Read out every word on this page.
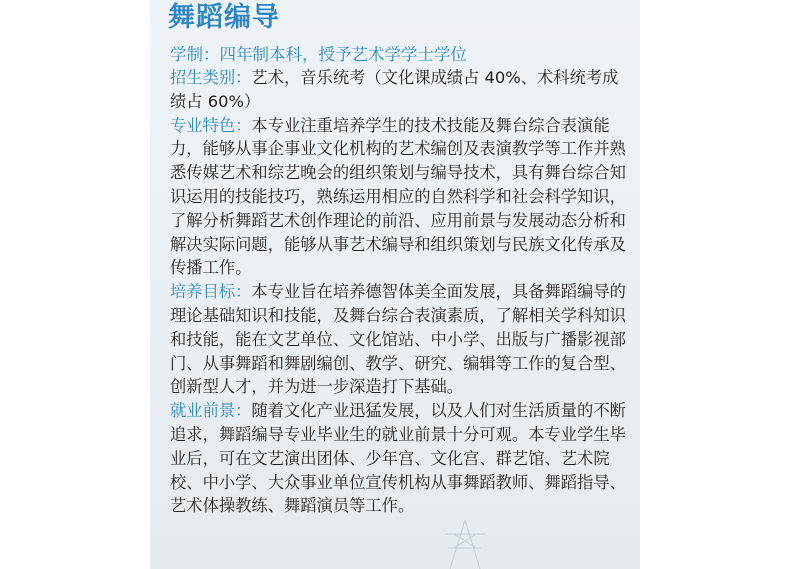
舞蹈编导
学制：四年制本科，授予艺术学学士学位

招生类别：艺术，音乐统考（文化课成绩占 40%、术科统考成绩占 60%）

专业特色：本专业注重培养学生的技术技能及舞台综合表演能力，能够从事企事业文化机构的艺术编创及表演教学等工作并熟悉传媒艺术和综艺晚会的组织策划与编导技术，具有舞台综合知识运用的技能技巧，熟练运用相应的自然科学和社会科学知识，了解分析舞蹈艺术创作理论的前沿、应用前景与发展动态分析和解决实际问题，能够从事艺术编导和组织策划与民族文化传承及传播工作。

培养目标：本专业旨在培养德智体美全面发展，具备舞蹈编导的理论基础知识和技能，及舞台综合表演素质，了解相关学科知识和技能，能在文艺单位、文化馆站、中小学、出版与广播影视部门、从事舞蹈和舞剧编创、教学、研究、编辑等工作的复合型、创新型人才，并为进一步深造打下基础。

就业前景：随着文化产业迅猛发展，以及人们对生活质量的不断追求，舞蹈编导专业毕业生的就业前景十分可观。本专业学生毕业后，可在文艺演出团体、少年宫、文化宫、群艺馆、艺术院校、中小学、大众事业单位宣传机构从事舞蹈教师、舞蹈指导、艺术体操教练、舞蹈演员等工作。
